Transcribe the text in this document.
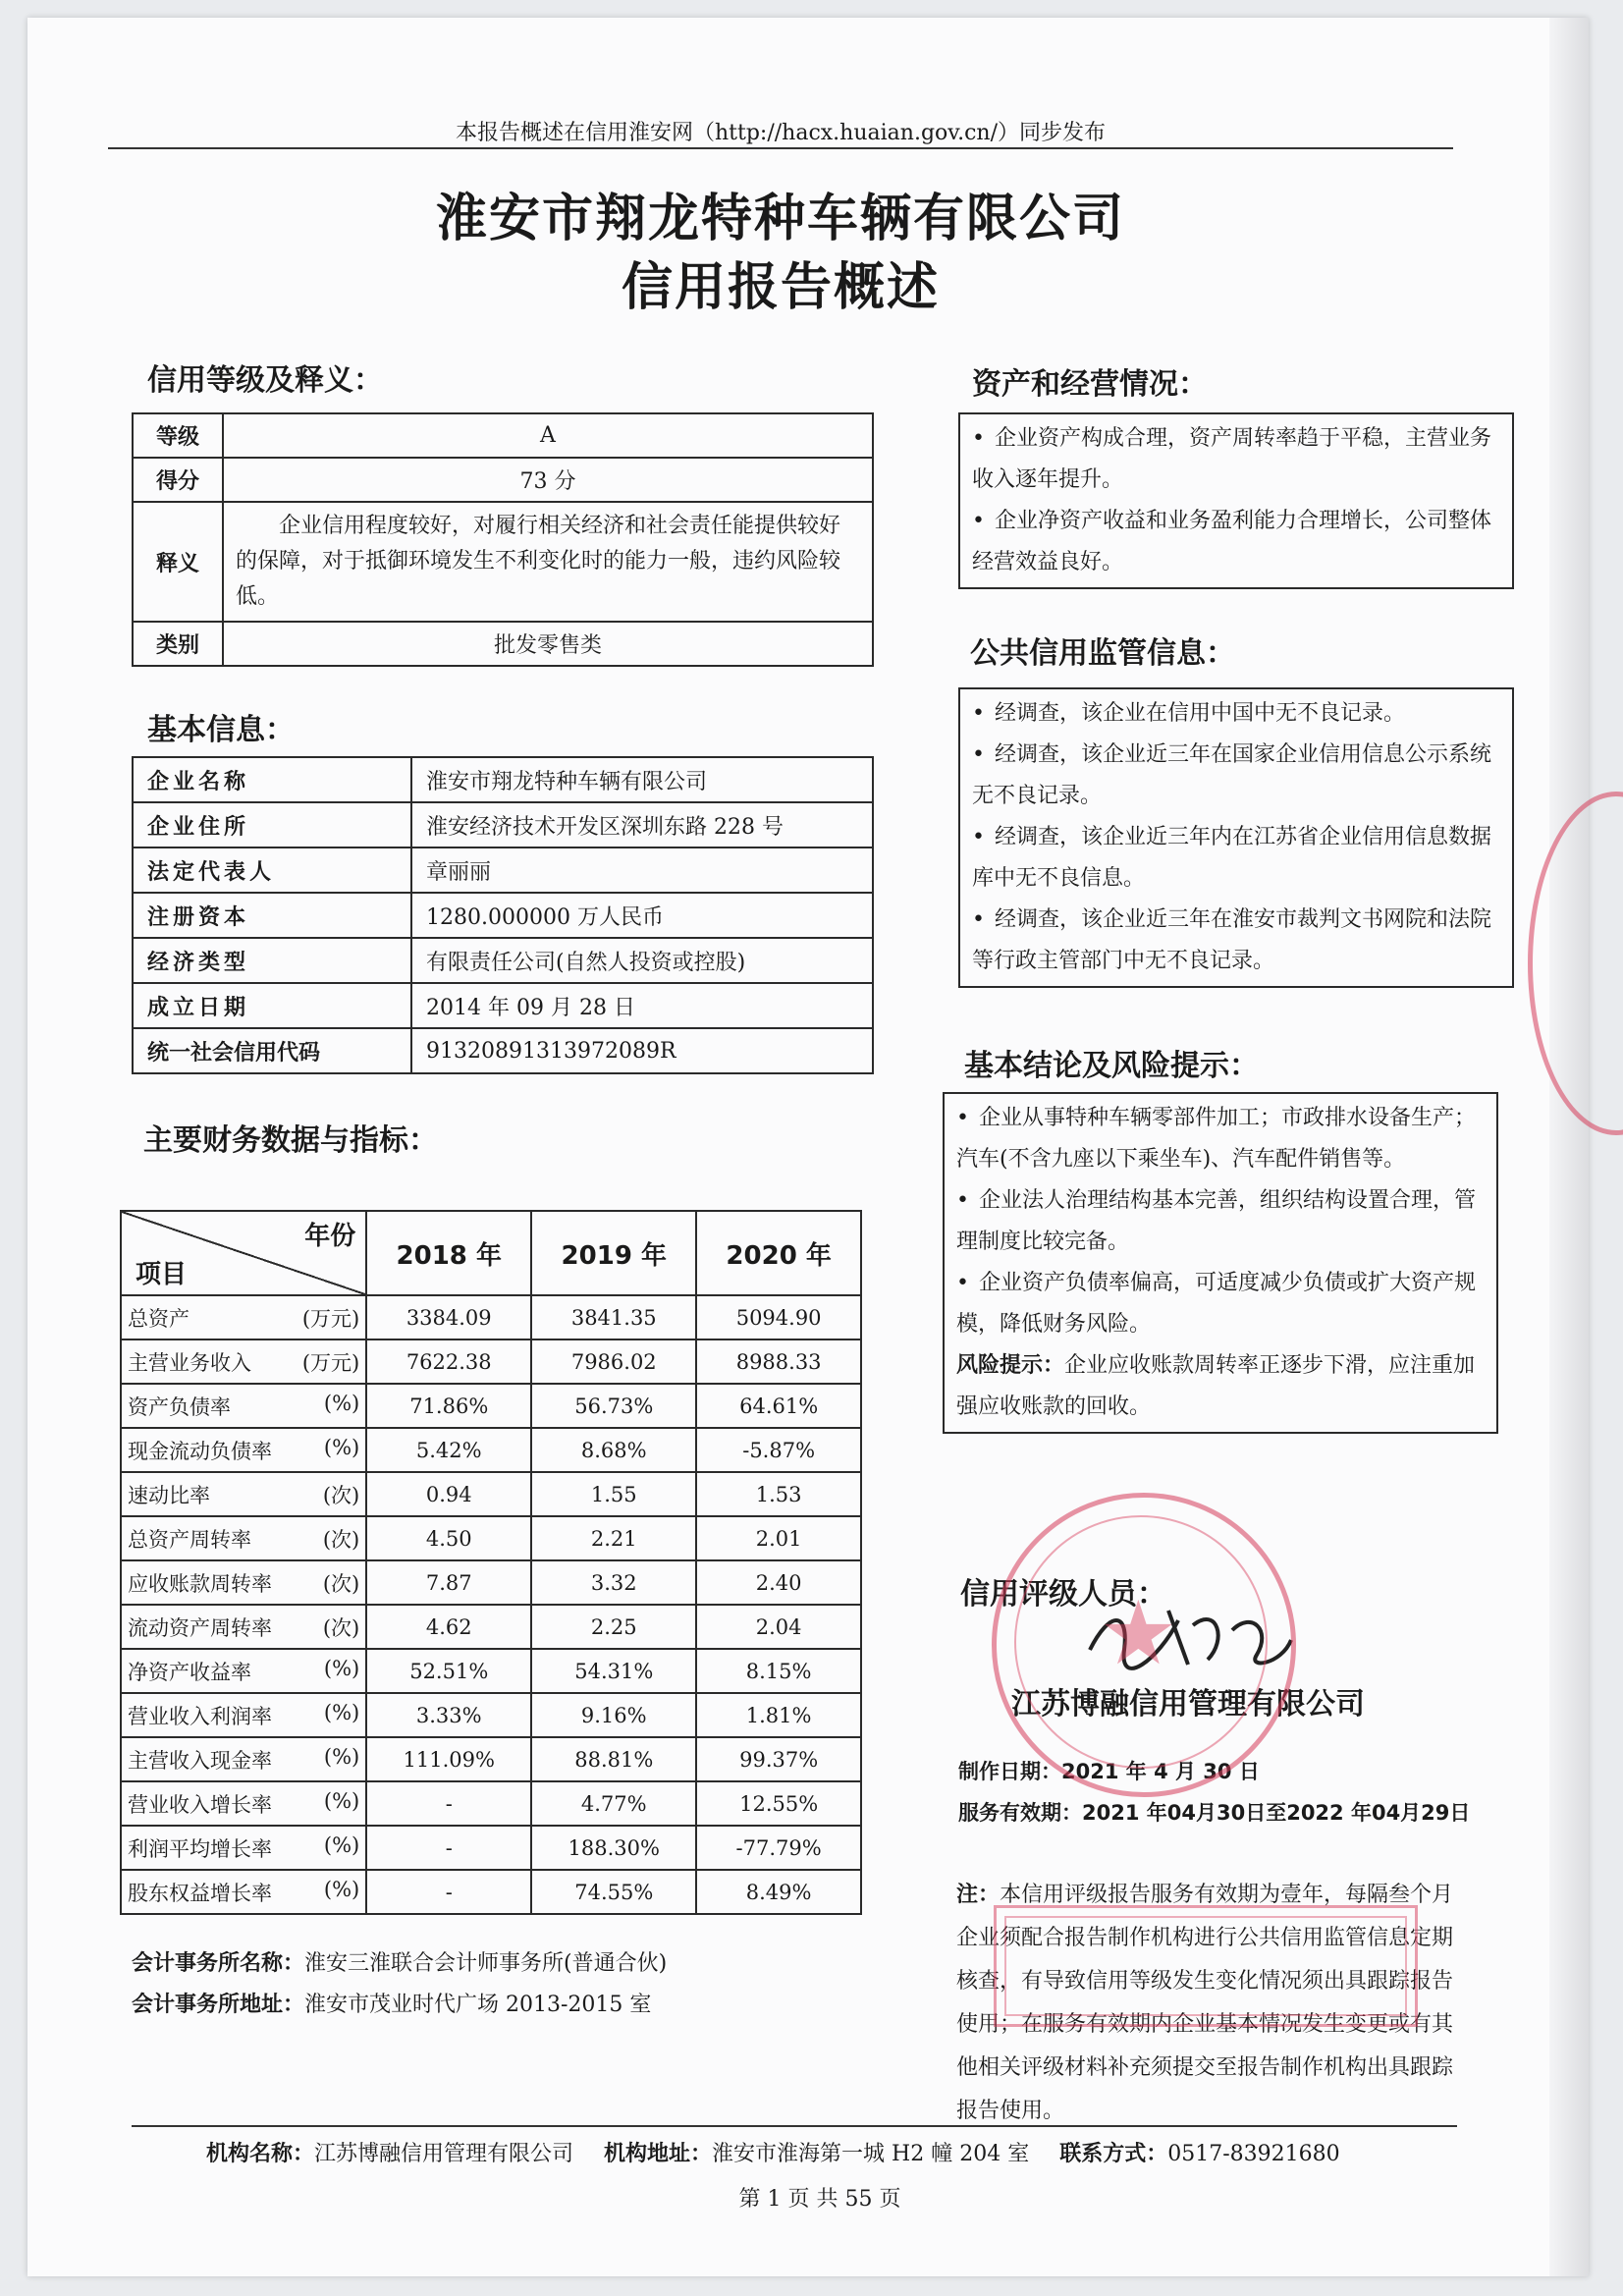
本报告概述在信用淮安网（http://hacx.huaian.gov.cn/）同步发布
淮安市翔龙特种车辆有限公司
信用报告概述
信用等级及释义：
等级	A
得分	73 分
释义	企业信用程度较好，对履行相关经济和社会责任能提供较好的保障，对于抵御环境发生不利变化时的能力一般，违约风险较低。
类别	批发零售类
基本信息：
企业名称	淮安市翔龙特种车辆有限公司
企业住所	淮安经济技术开发区深圳东路 228 号
法定代表人	章丽丽
注册资本	1280.000000 万人民币
经济类型	有限责任公司(自然人投资或控股)
成立日期	2014 年 09 月 28 日
统一社会信用代码	91320891313972089R
主要财务数据与指标：
年份
项目	2018 年	2019 年	2020 年

总资产 (万元)	3384.09	3841.35	5094.90

主营业务收入 (万元)	7622.38	7986.02	8988.33

资产负债率 (%)	71.86%	56.73%	64.61%

现金流动负债率 (%)	5.42%	8.68%	-5.87%

速动比率 (次)	0.94	1.55	1.53

总资产周转率 (次)	4.50	2.21	2.01

应收账款周转率 (次)	7.87	3.32	2.40

流动资产周转率 (次)	4.62	2.25	2.04

净资产收益率 (%)	52.51%	54.31%	8.15%

营业收入利润率 (%)	3.33%	9.16%	1.81%

主营收入现金率 (%)	111.09%	88.81%	99.37%

营业收入增长率 (%)	-	4.77%	12.55%

利润平均增长率 (%)	-	188.30%	-77.79%

股东权益增长率 (%)	-	74.55%	8.49%
会计事务所名称：淮安三淮联合会计师事务所(普通合伙)
会计事务所地址：淮安市茂业时代广场 2013-2015 室
资产和经营情况：

• 企业资产构成合理，资产周转率趋于平稳，主营业务收入逐年提升。

• 企业净资产收益和业务盈利能力合理增长，公司整体经营效益良好。

公共信用监管信息：

• 经调查，该企业在信用中国中无不良记录。

• 经调查，该企业近三年在国家企业信用信息公示系统无不良记录。

• 经调查，该企业近三年内在江苏省企业信用信息数据库中无不良信息。

• 经调查，该企业近三年在淮安市裁判文书网院和法院等行政主管部门中无不良记录。

基本结论及风险提示：

• 企业从事特种车辆零部件加工；市政排水设备生产；汽车(不含九座以下乘坐车)、汽车配件销售等。

• 企业法人治理结构基本完善，组织结构设置合理，管理制度比较完备。

• 企业资产负债率偏高，可适度减少负债或扩大资产规模，降低财务风险。

风险提示：企业应收账款周转率正逐步下滑，应注重加强应收账款的回收。

信用评级人员：
江苏博融信用管理有限公司
制作日期：2021 年 4 月 30 日
服务有效期：2021 年04月30日至2022 年04月29日
注：本信用评级报告服务有效期为壹年，每隔叁个月企业须配合报告制作机构进行公共信用监管信息定期核查，有导致信用等级发生变化情况须出具跟踪报告使用；在服务有效期内企业基本情况发生变更或有其他相关评级材料补充须提交至报告制作机构出具跟踪报告使用。
★
机构名称：江苏博融信用管理有限公司 机构地址：淮安市淮海第一城 H2 幢 204 室 联系方式：0517-83921680
第 1 页 共 55 页
